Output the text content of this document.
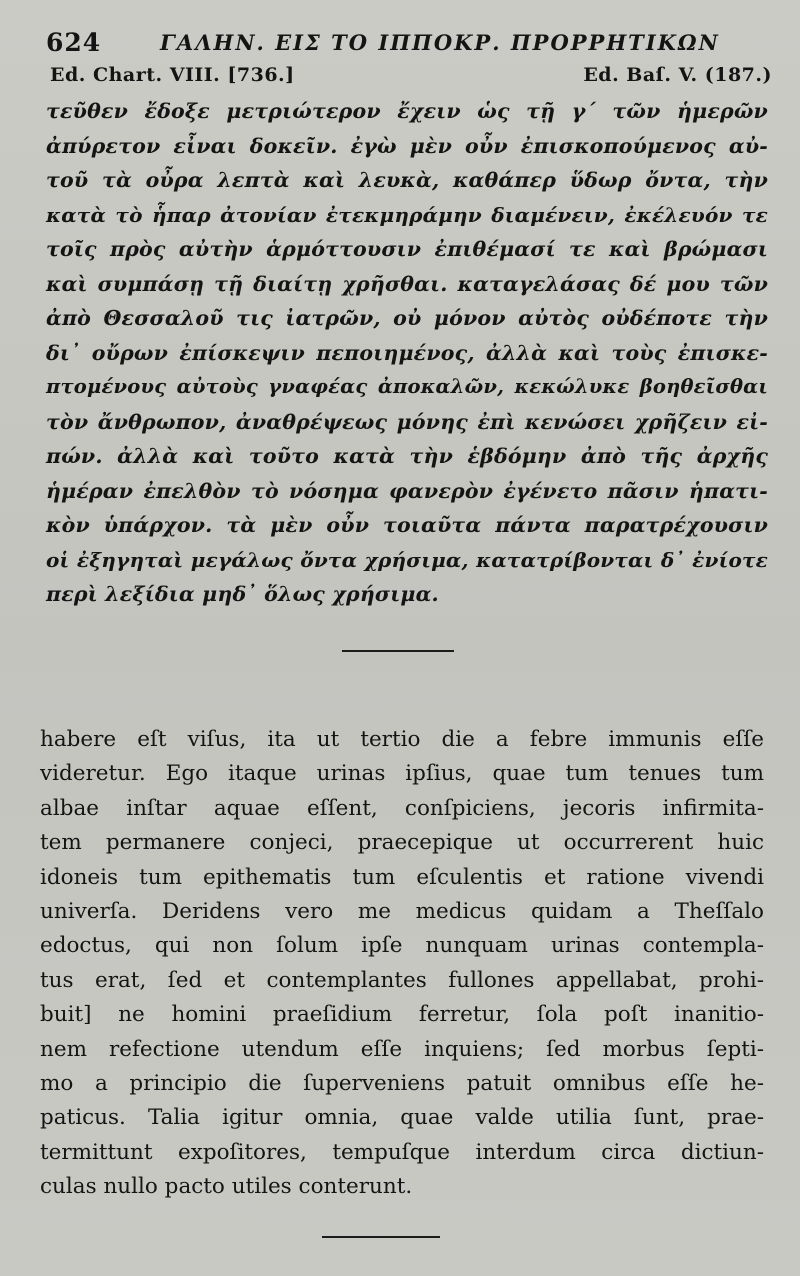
624	ΓΑΛΗΝ. ΕΙΣ ΤΟ ΙΠΠΟΚΡ. ΠΡΟΡΡΗΤΙΚΩΝ
Ed. Chart. VIII. [736.]	Ed. Baſ. V. (187.)
τεῦθεν ἔδοξε μετριώτερον ἔχειν ὡς τῇ γ΄ τῶν ἡμερῶν
ἀπύρετον εἶναι δοκεῖν. ἐγὼ μὲν οὖν ἐπισκοπούμενος αὐ-
τοῦ τὰ οὖρα λεπτὰ καὶ λευκὰ, καθάπερ ὕδωρ ὄντα, τὴν
κατὰ τὸ ἧπαρ ἀτονίαν ἐτεκμηράμην διαμένειν, ἐκέλευόν τε
τοῖς πρὸς αὐτὴν ἁρμόττουσιν ἐπιθέμασί τε καὶ βρώμασι
καὶ συμπάσῃ τῇ διαίτῃ χρῆσθαι. καταγελάσας δέ μου τῶν
ἀπὸ Θεσσαλοῦ τις ἰατρῶν, οὐ μόνον αὐτὸς οὐδέποτε τὴν
δι᾽ οὔρων ἐπίσκεψιν πεποιημένος, ἀλλὰ καὶ τοὺς ἐπισκε-
πτομένους αὐτοὺς γναφέας ἀποκαλῶν, κεκώλυκε βοηθεῖσθαι
τὸν ἄνθρωπον, ἀναθρέψεως μόνης ἐπὶ κενώσει χρῆζειν εἰ-
πών. ἀλλὰ καὶ τοῦτο κατὰ τὴν ἑβδόμην ἀπὸ τῆς ἀρχῆς
ἡμέραν ἐπελθὸν τὸ νόσημα φανερὸν ἐγένετο πᾶσιν ἡπατι-
κὸν ὑπάρχον. τὰ μὲν οὖν τοιαῦτα πάντα παρατρέχουσιν
οἱ ἐξηγηταὶ μεγάλως ὄντα χρήσιμα, κατατρίβονται δ᾽ ἐνίοτε
περὶ λεξίδια μηδ᾽ ὅλως χρήσιμα.
habere eſt viſus, ita ut tertio die a febre immunis eſſe
videretur. Ego itaque urinas ipſius, quae tum tenues tum
albae inſtar aquae eſſent, conſpiciens, jecoris infirmita-
tem permanere conjeci, praecepique ut occurrerent huic
idoneis tum epithematis tum eſculentis et ratione vivendi
univerſa. Deridens vero me medicus quidam a Theſſalo
edoctus, qui non ſolum ipſe nunquam urinas contempla-
tus erat, ſed et contemplantes fullones appellabat, prohi-
buit] ne homini praeſidium ferretur, ſola poſt inanitio-
nem refectione utendum eſſe inquiens; ſed morbus ſepti-
mo a principio die ſuperveniens patuit omnibus eſſe he-
paticus. Talia igitur omnia, quae valde utilia ſunt, prae-
termittunt expoſitores, tempuſque interdum circa dictiun-
culas nullo pacto utiles conterunt.
